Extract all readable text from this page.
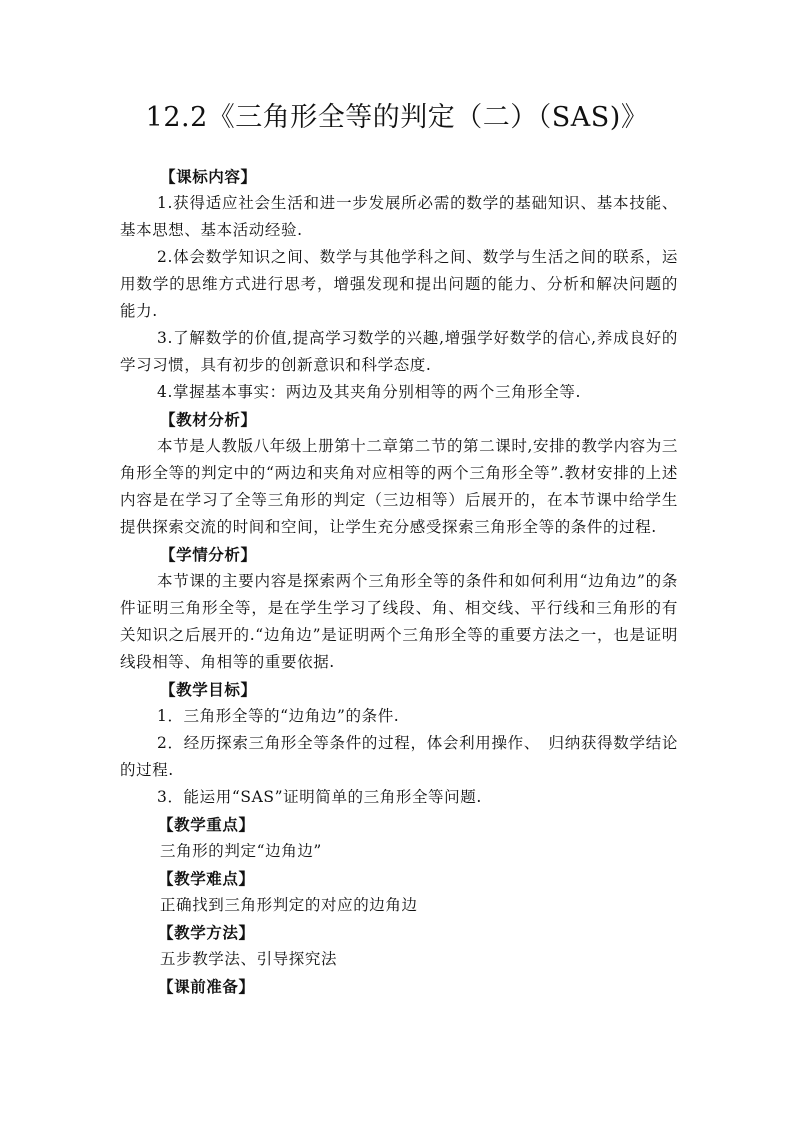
12.2《三角形全等的判定（二）（SAS)》

【课标内容】

1.获得适应社会生活和进一步发展所必需的数学的基础知识、基本技能、基本思想、基本活动经验.

2.体会数学知识之间、数学与其他学科之间、数学与生活之间的联系，运用数学的思维方式进行思考，增强发现和提出问题的能力、分析和解决问题的能力.

3.了解数学的价值,提高学习数学的兴趣,增强学好数学的信心,养成良好的学习习惯，具有初步的创新意识和科学态度.

4.掌握基本事实：两边及其夹角分别相等的两个三角形全等.

【教材分析】

本节是人教版八年级上册第十二章第二节的第二课时,安排的教学内容为三角形全等的判定中的“两边和夹角对应相等的两个三角形全等”.教材安排的上述内容是在学习了全等三角形的判定（三边相等）后展开的，在本节课中给学生提供探索交流的时间和空间，让学生充分感受探索三角形全等的条件的过程.

【学情分析】

本节课的主要内容是探索两个三角形全等的条件和如何利用“边角边”的条件证明三角形全等，是在学生学习了线段、角、相交线、平行线和三角形的有关知识之后展开的.“边角边”是证明两个三角形全等的重要方法之一，也是证明线段相等、角相等的重要依据.

【教学目标】

1．三角形全等的“边角边”的条件.

2．经历探索三角形全等条件的过程，体会利用操作、　归纳获得数学结论的过程.

3．能运用“SAS”证明简单的三角形全等问题.

【教学重点】

三角形的判定“边角边”

【教学难点】

正确找到三角形判定的对应的边角边

【教学方法】

五步教学法、引导探究法

【课前准备】
